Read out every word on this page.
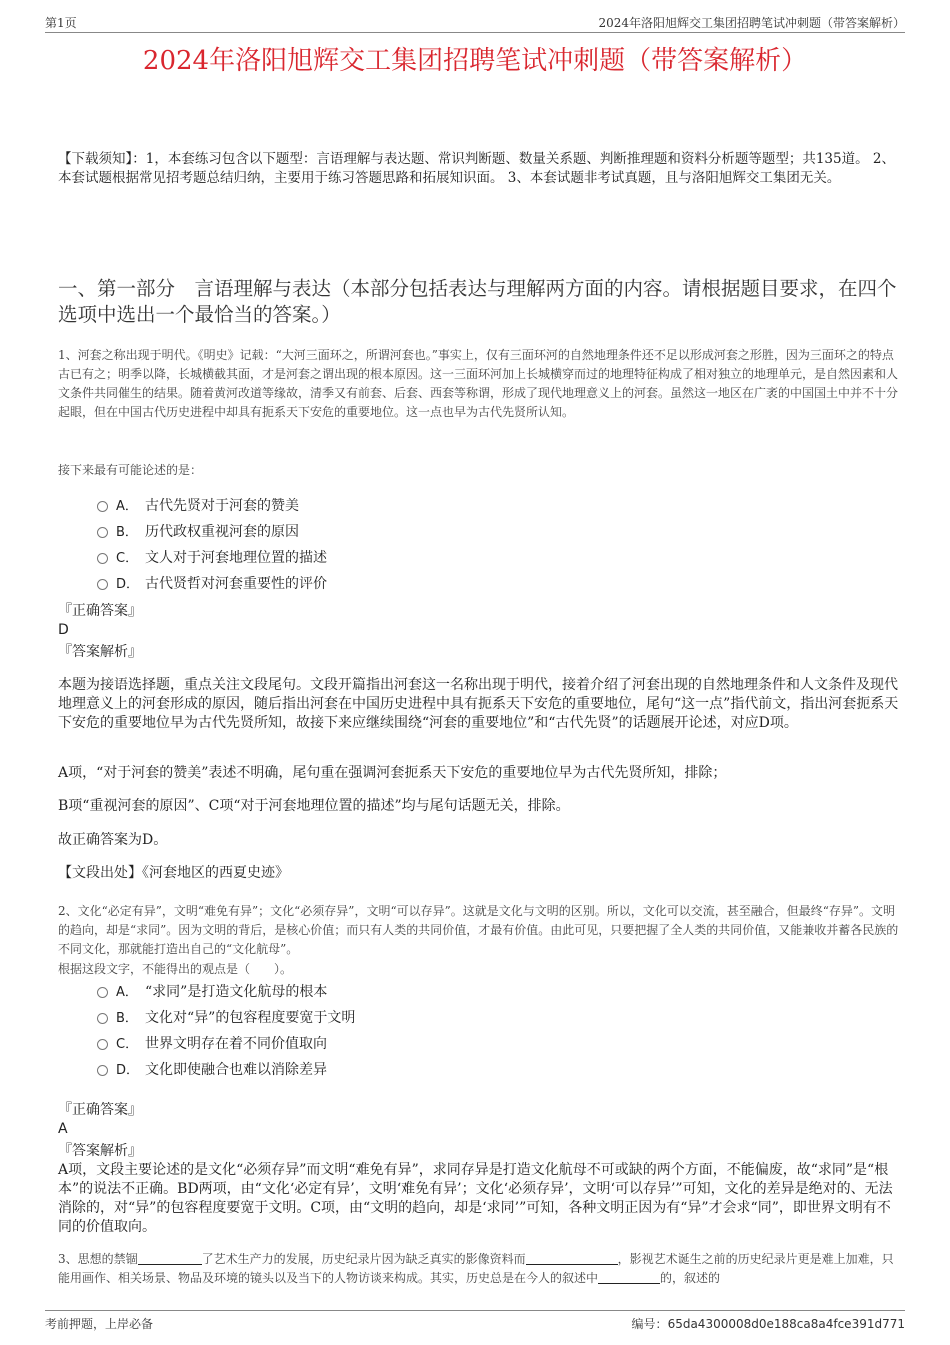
第1页	2024年洛阳旭辉交工集团招聘笔试冲刺题（带答案解析）
2024年洛阳旭辉交工集团招聘笔试冲刺题（带答案解析）
【下载须知】：1，本套练习包含以下题型：言语理解与表达题、常识判断题、数量关系题、判断推理题和资料分析题等题型；共135道。 2、本套试题根据常见招考题总结归纳，主要用于练习答题思路和拓展知识面。 3、本套试题非考试真题，且与洛阳旭辉交工集团无关。
一、第一部分　言语理解与表达（本部分包括表达与理解两方面的内容。请根据题目要求，在四个选项中选出一个最恰当的答案。）
1、河套之称出现于明代。《明史》记载：“大河三面环之，所谓河套也。”事实上，仅有三面环河的自然地理条件还不足以形成河套之形胜，因为三面环之的特点古已有之；明季以降，长城横截其面，才是河套之谓出现的根本原因。这一三面环河加上长城横穿而过的地理特征构成了相对独立的地理单元，是自然因素和人文条件共同催生的结果。随着黄河改道等缘故，清季又有前套、后套、西套等称谓，形成了现代地理意义上的河套。虽然这一地区在广袤的中国国土中并不十分起眼，但在中国古代历史进程中却具有扼系天下安危的重要地位。这一点也早为古代先贤所认知。
接下来最有可能论述的是：
A． 古代先贤对于河套的赞美
B． 历代政权重视河套的原因
C． 文人对于河套地理位置的描述
D． 古代贤哲对河套重要性的评价
『正确答案』
D
『答案解析』
本题为接语选择题，重点关注文段尾句。文段开篇指出河套这一名称出现于明代，接着介绍了河套出现的自然地理条件和人文条件及现代地理意义上的河套形成的原因，随后指出河套在中国历史进程中具有扼系天下安危的重要地位，尾句“这一点”指代前文，指出河套扼系天下安危的重要地位早为古代先贤所知，故接下来应继续围绕“河套的重要地位”和“古代先贤”的话题展开论述，对应D项。
A项，“对于河套的赞美”表述不明确，尾句重在强调河套扼系天下安危的重要地位早为古代先贤所知，排除；
B项“重视河套的原因”、C项“对于河套地理位置的描述”均与尾句话题无关，排除。
故正确答案为D。
【文段出处】《河套地区的西夏史迹》
2、文化“必定有异”，文明“难免有异”；文化“必须存异”，文明“可以存异”。这就是文化与文明的区别。所以，文化可以交流，甚至融合，但最终“存异”。文明的趋向，却是“求同”。因为文明的背后，是核心价值；而只有人类的共同价值，才最有价值。由此可见，只要把握了全人类的共同价值，又能兼收并蓄各民族的不同文化，那就能打造出自己的“文化航母”。
根据这段文字，不能得出的观点是（　　）。
A． “求同”是打造文化航母的根本
B． 文化对“异”的包容程度要宽于文明
C． 世界文明存在着不同价值取向
D． 文化即使融合也难以消除差异
『正确答案』
A
『答案解析』
A项，文段主要论述的是文化“必须存异”而文明“难免有异”，求同存异是打造文化航母不可或缺的两个方面，不能偏废，故“求同”是“根本”的说法不正确。BD两项，由“文化‘必定有异’，文明‘难免有异’；文化‘必须存异’，文明‘可以存异’”可知，文化的差异是绝对的、无法消除的，对“异”的包容程度要宽于文明。C项，由“文明的趋向，却是‘求同’”可知，各种文明正因为有“异”才会求“同”，即世界文明有不同的价值取向。
3、思想的禁锢	了艺术生产力的发展，历史纪录片因为缺乏真实的影像资料而	，影视艺术诞生之前的历史纪录片更是难上加难，只能用画作、相关场景、物品及环境的镜头以及当下的人物访谈来构成。其实，历史总是在今人的叙述中	的，叙述的
考前押题，上岸必备	编号：65da4300008d0e188ca8a4fce391d771
